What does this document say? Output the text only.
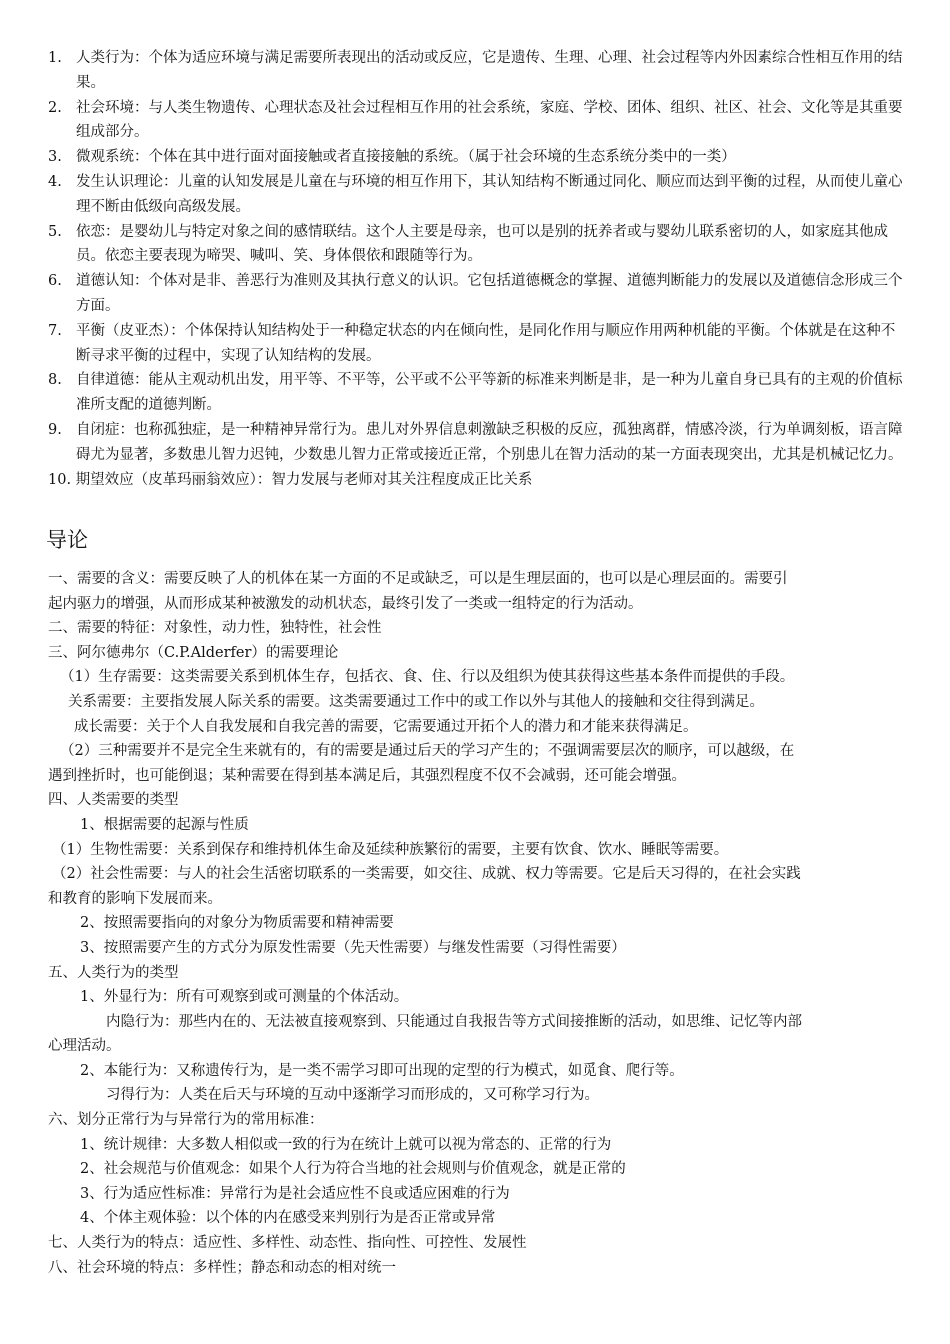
1. 人类行为：个体为适应环境与满足需要所表现出的活动或反应，它是遗传、生理、心理、社会过程等内外因素综合性相互作用的结果。
2. 社会环境：与人类生物遗传、心理状态及社会过程相互作用的社会系统，家庭、学校、团体、组织、社区、社会、文化等是其重要组成部分。
3. 微观系统：个体在其中进行面对面接触或者直接接触的系统。（属于社会环境的生态系统分类中的一类）
4. 发生认识理论：儿童的认知发展是儿童在与环境的相互作用下，其认知结构不断通过同化、顺应而达到平衡的过程，从而使儿童心理不断由低级向高级发展。
5. 依恋：是婴幼儿与特定对象之间的感情联结。这个人主要是母亲，也可以是别的抚养者或与婴幼儿联系密切的人，如家庭其他成员。依恋主要表现为啼哭、喊叫、笑、身体偎依和跟随等行为。
6. 道德认知：个体对是非、善恶行为准则及其执行意义的认识。它包括道德概念的掌握、道德判断能力的发展以及道德信念形成三个方面。
7. 平衡（皮亚杰）：个体保持认知结构处于一种稳定状态的内在倾向性，是同化作用与顺应作用两种机能的平衡。个体就是在这种不断寻求平衡的过程中，实现了认知结构的发展。
8. 自律道德：能从主观动机出发，用平等、不平等，公平或不公平等新的标准来判断是非，是一种为儿童自身已具有的主观的价值标准所支配的道德判断。
9. 自闭症：也称孤独症，是一种精神异常行为。患儿对外界信息刺激缺乏积极的反应，孤独离群，情感冷淡，行为单调刻板，语言障碍尤为显著，多数患儿智力迟钝，少数患儿智力正常或接近正常，个别患儿在智力活动的某一方面表现突出，尤其是机械记忆力。
10. 期望效应（皮革玛丽翁效应）：智力发展与老师对其关注程度成正比关系
导论
一、需要的含义：需要反映了人的机体在某一方面的不足或缺乏，可以是生理层面的，也可以是心理层面的。需要引
起内驱力的增强，从而形成某种被激发的动机状态，最终引发了一类或一组特定的行为活动。
二、需要的特征：对象性，动力性，独特性，社会性
三、阿尔德弗尔（C.P.Alderfer）的需要理论
（1）生存需要：这类需要关系到机体生存，包括衣、食、住、行以及组织为使其获得这些基本条件而提供的手段。
关系需要：主要指发展人际关系的需要。这类需要通过工作中的或工作以外与其他人的接触和交往得到满足。
成长需要：关于个人自我发展和自我完善的需要，它需要通过开拓个人的潜力和才能来获得满足。
（2）三种需要并不是完全生来就有的，有的需要是通过后天的学习产生的；不强调需要层次的顺序，可以越级，在
遇到挫折时，也可能倒退；某种需要在得到基本满足后，其强烈程度不仅不会减弱，还可能会增强。
四、人类需要的类型
1、根据需要的起源与性质
（1）生物性需要：关系到保存和维持机体生命及延续种族繁衍的需要，主要有饮食、饮水、睡眠等需要。
（2）社会性需要：与人的社会生活密切联系的一类需要，如交往、成就、权力等需要。它是后天习得的，在社会实践
和教育的影响下发展而来。
2、按照需要指向的对象分为物质需要和精神需要
3、按照需要产生的方式分为原发性需要（先天性需要）与继发性需要（习得性需要）
五、人类行为的类型
1、外显行为：所有可观察到或可测量的个体活动。
内隐行为：那些内在的、无法被直接观察到、只能通过自我报告等方式间接推断的活动，如思维、记忆等内部
心理活动。
2、本能行为：又称遗传行为，是一类不需学习即可出现的定型的行为模式，如觅食、爬行等。
习得行为：人类在后天与环境的互动中逐渐学习而形成的，又可称学习行为。
六、划分正常行为与异常行为的常用标准：
1、统计规律：大多数人相似或一致的行为在统计上就可以视为常态的、正常的行为
2、社会规范与价值观念：如果个人行为符合当地的社会规则与价值观念，就是正常的
3、行为适应性标准：异常行为是社会适应性不良或适应困难的行为
4、个体主观体验：以个体的内在感受来判别行为是否正常或异常
七、人类行为的特点：适应性、多样性、动态性、指向性、可控性、发展性
八、社会环境的特点：多样性；静态和动态的相对统一
